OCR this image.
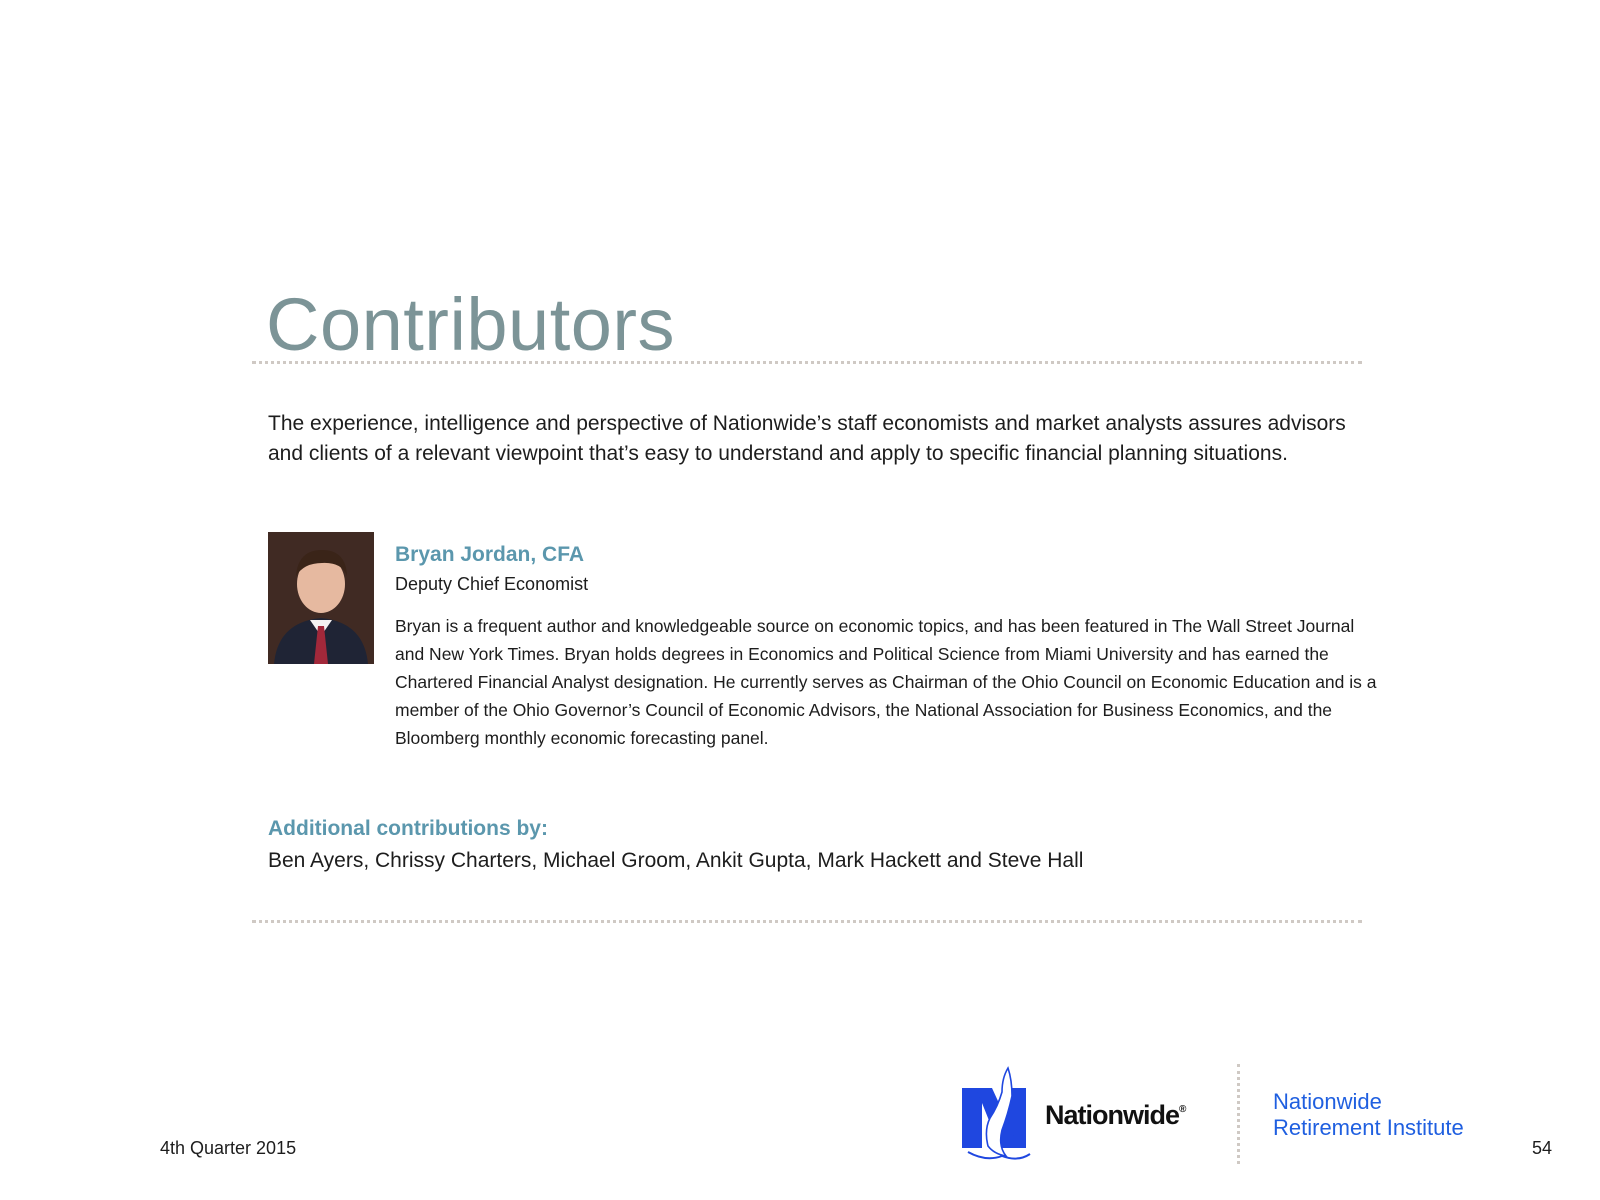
Contributors

The experience, intelligence and perspective of Nationwide’s staff economists and market analysts assures advisors and clients of a relevant viewpoint that’s easy to understand and apply to specific financial planning situations.

Bryan Jordan, CFA
Deputy Chief Economist

Bryan is a frequent author and knowledgeable source on economic topics, and has been featured in The Wall Street Journal and New York Times. Bryan holds degrees in Economics and Political Science from Miami University and has earned the Chartered Financial Analyst designation. He currently serves as Chairman of the Ohio Council on Economic Education and is a member of the Ohio Governor’s Council of Economic Advisors, the National Association for Business Economics, and the Bloomberg monthly economic forecasting panel.

Additional contributions by:
Ben Ayers, Chrissy Charters, Michael Groom, Ankit Gupta, Mark Hackett and Steve Hall
4th Quarter 2015
Nationwide®	Nationwide
Retirement Institute
54
